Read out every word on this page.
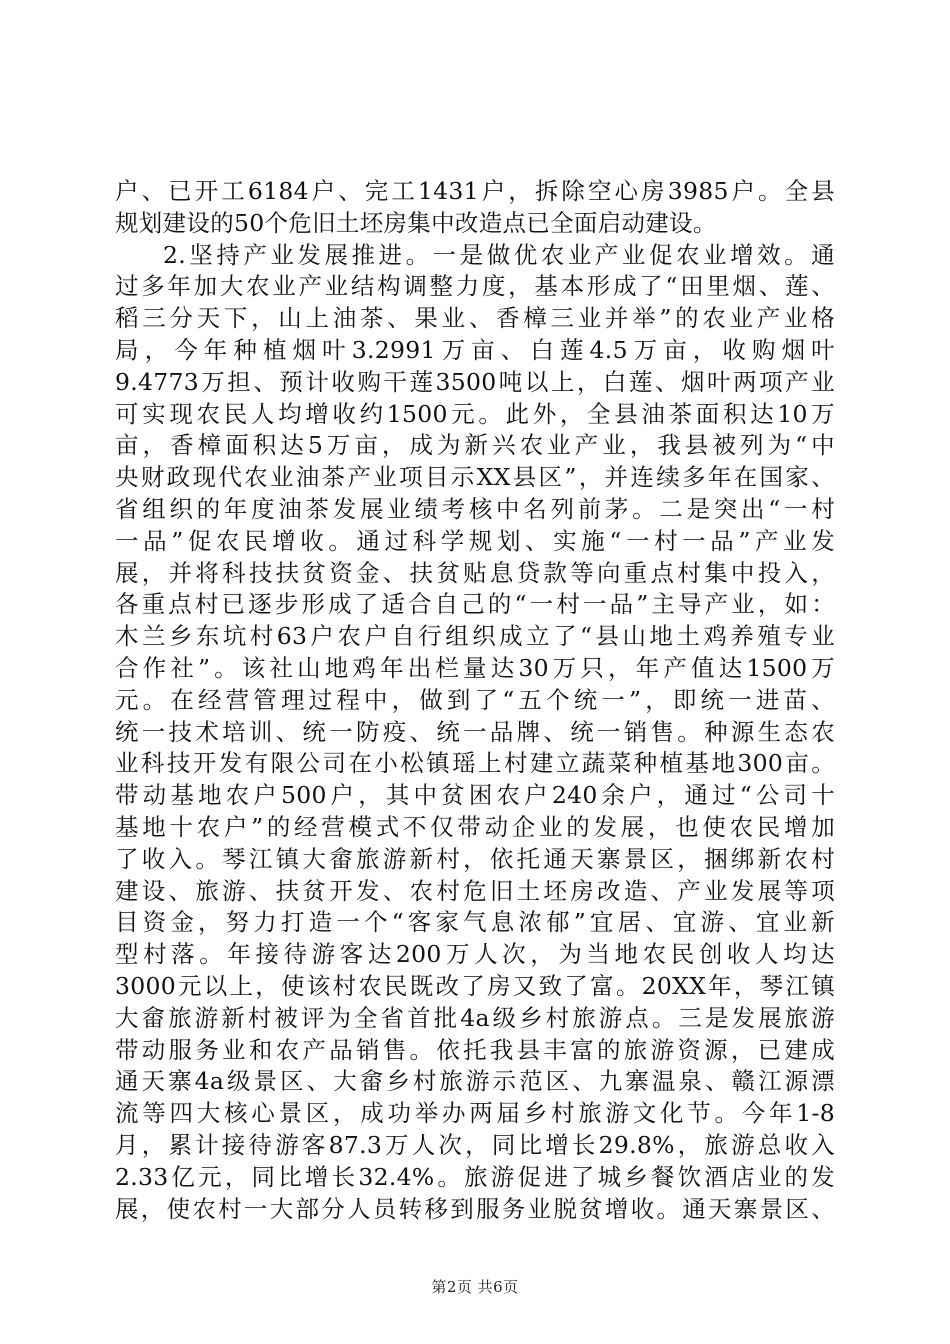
户、已开工6184户、完工1431户，拆除空心房3985户。全县
规划建设的50个危旧土坯房集中改造点已全面启动建设。
2.坚持产业发展推进。一是做优农业产业促农业增效。通
过多年加大农业产业结构调整力度，基本形成了“田里烟、莲、
稻三分天下，山上油茶、果业、香樟三业并举”的农业产业格
局，今年种植烟叶3.2991万亩、白莲4.5万亩，收购烟叶
9.4773万担、预计收购干莲3500吨以上，白莲、烟叶两项产业
可实现农民人均增收约1500元。此外，全县油茶面积达10万
亩，香樟面积达5万亩，成为新兴农业产业，我县被列为“中
央财政现代农业油茶产业项目示XX县区”，并连续多年在国家、
省组织的年度油茶发展业绩考核中名列前茅。二是突出“一村
一品”促农民增收。通过科学规划、实施“一村一品”产业发
展，并将科技扶贫资金、扶贫贴息贷款等向重点村集中投入，
各重点村已逐步形成了适合自己的“一村一品”主导产业，如：
木兰乡东坑村63户农户自行组织成立了“县山地土鸡养殖专业
合作社”。该社山地鸡年出栏量达30万只，年产值达1500万
元。在经营管理过程中，做到了“五个统一”，即统一进苗、
统一技术培训、统一防疫、统一品牌、统一销售。种源生态农
业科技开发有限公司在小松镇瑶上村建立蔬菜种植基地300亩。
带动基地农户500户，其中贫困农户240余户，通过“公司十
基地十农户”的经营模式不仅带动企业的发展，也使农民增加
了收入。琴江镇大畲旅游新村，依托通天寨景区，捆绑新农村
建设、旅游、扶贫开发、农村危旧土坯房改造、产业发展等项
目资金，努力打造一个“客家气息浓郁”宜居、宜游、宜业新
型村落。年接待游客达200万人次，为当地农民创收人均达
3000元以上，使该村农民既改了房又致了富。20XX年，琴江镇
大畲旅游新村被评为全省首批4a级乡村旅游点。三是发展旅游
带动服务业和农产品销售。依托我县丰富的旅游资源，已建成
通天寨4a级景区、大畲乡村旅游示范区、九寨温泉、赣江源漂
流等四大核心景区，成功举办两届乡村旅游文化节。今年1-8
月，累计接待游客87.3万人次，同比增长29.8%，旅游总收入
2.33亿元，同比增长32.4%。旅游促进了城乡餐饮酒店业的发
展，使农村一大部分人员转移到服务业脱贫增收。通天寨景区、
第2页 共6页
